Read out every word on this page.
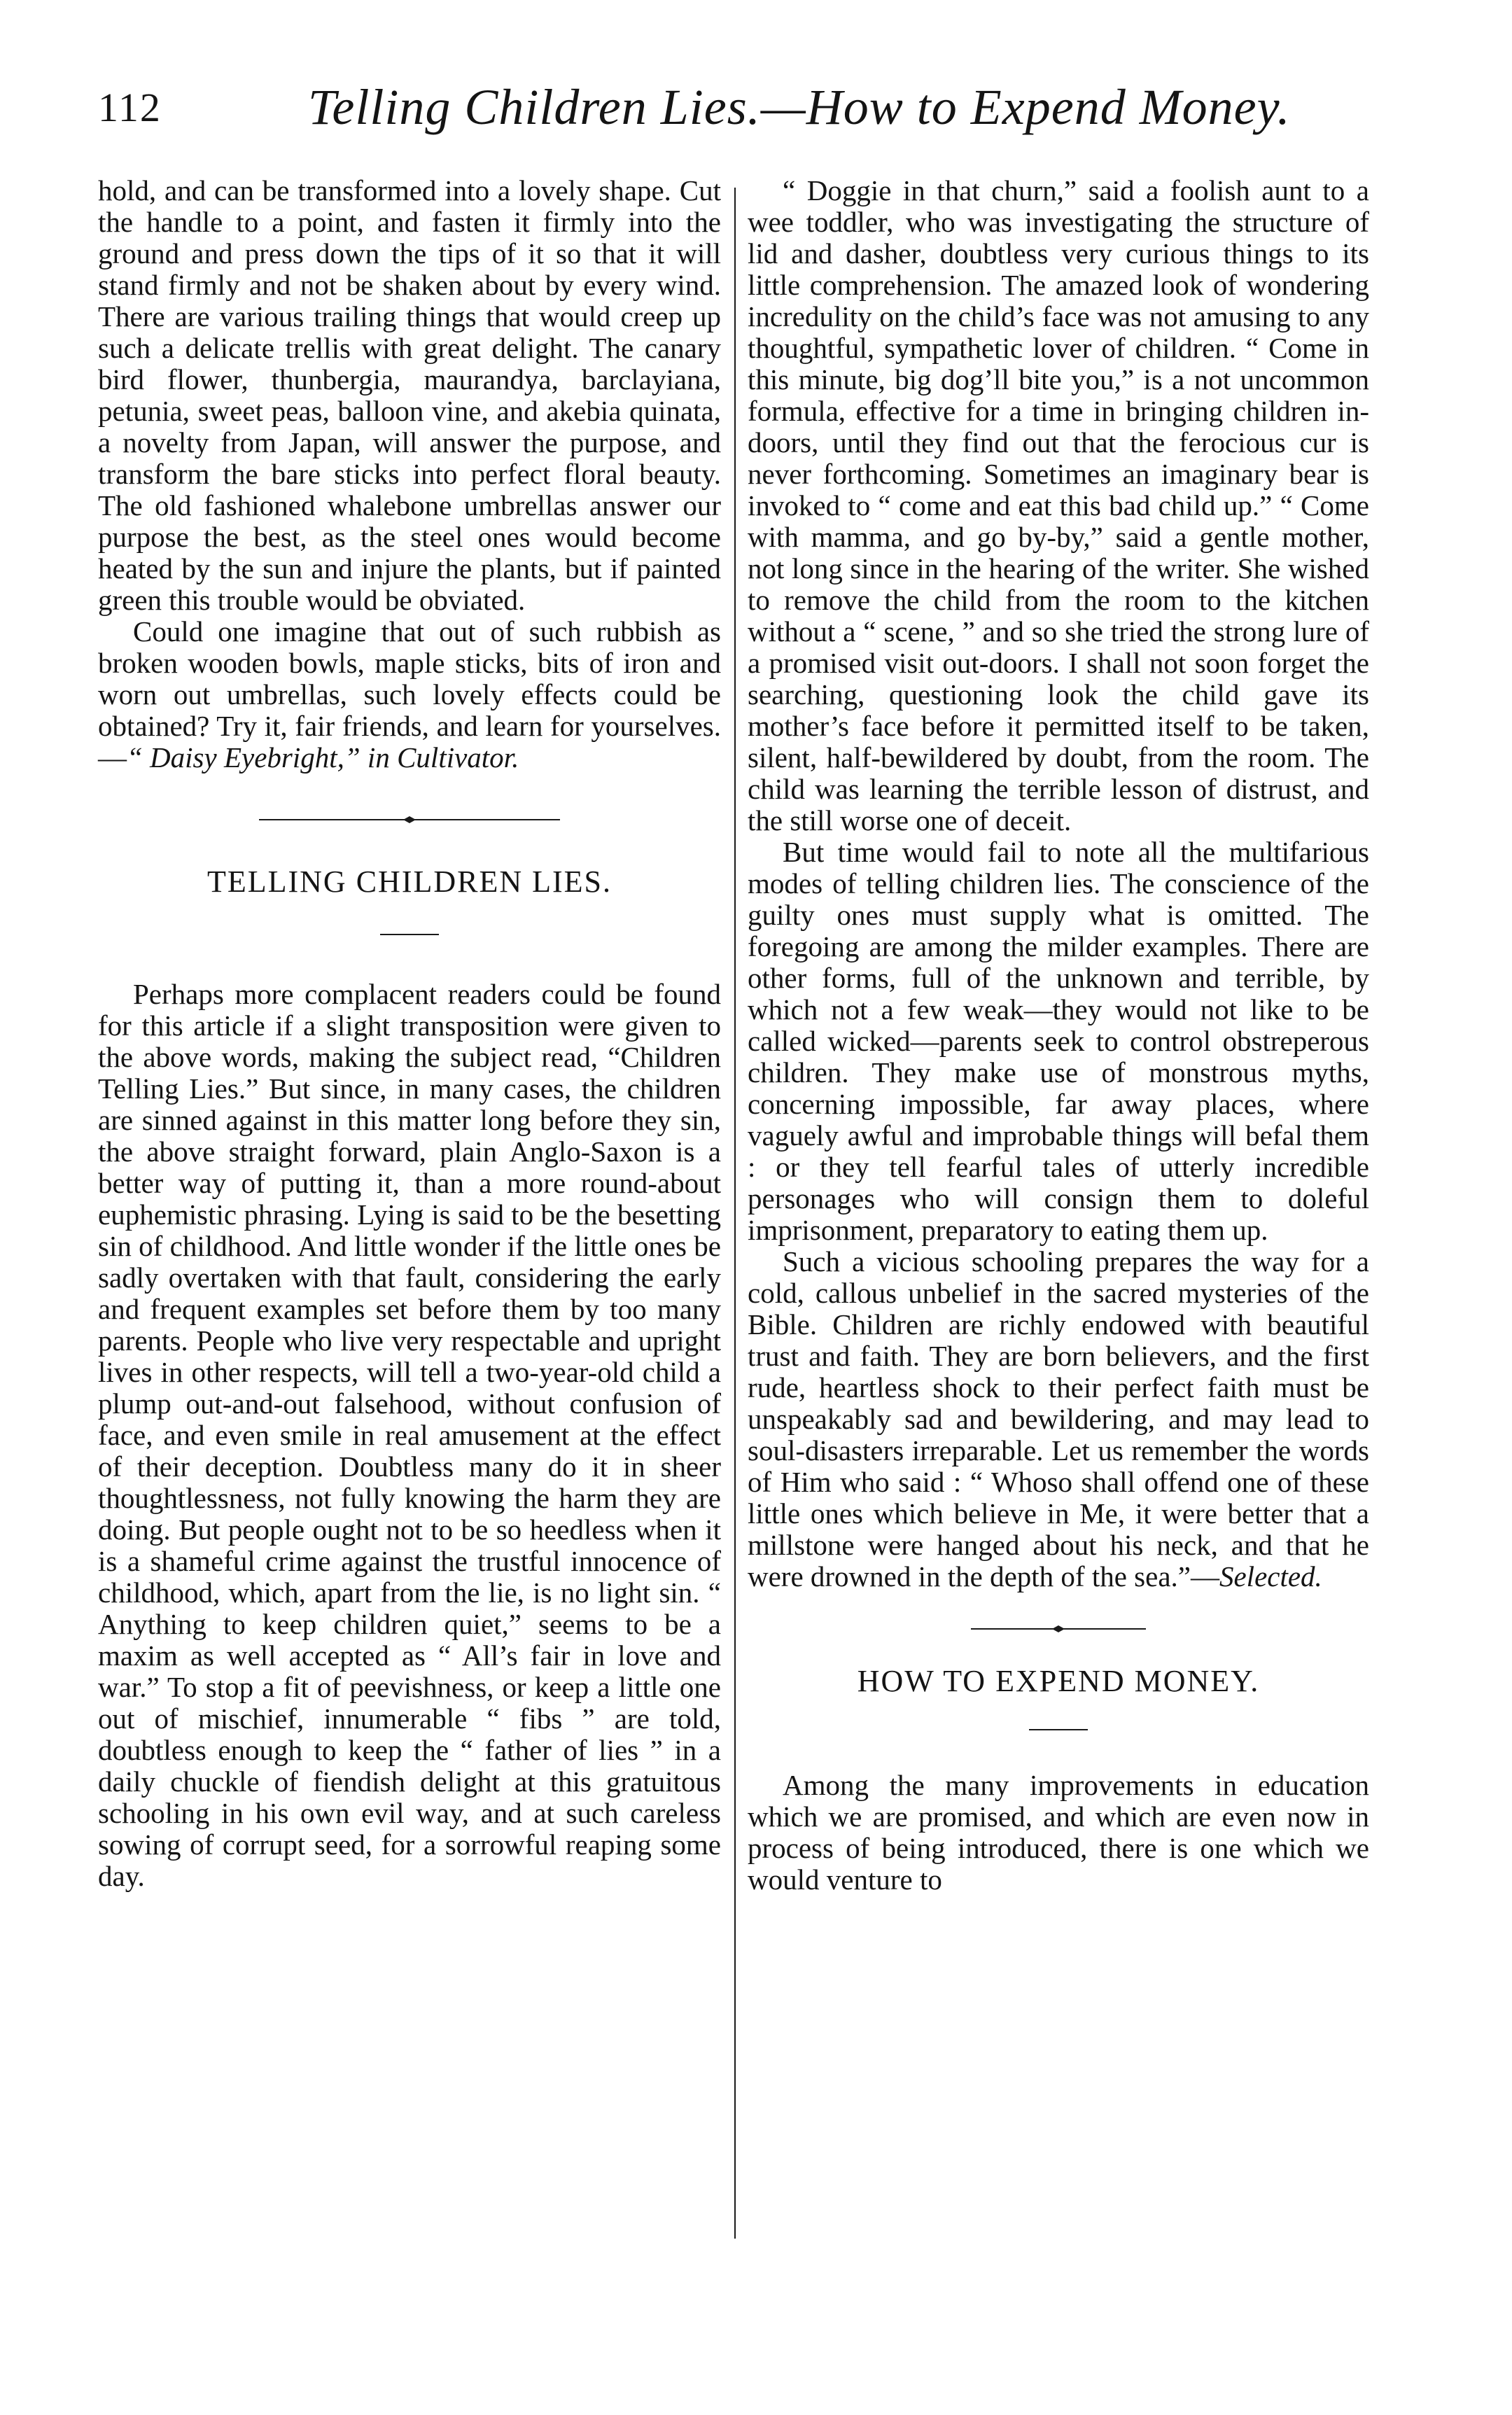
112	Telling Children Lies.—How to Expend Money.

hold, and can be transformed into a lovely shape. Cut the handle to a point, and fasten it firmly into the ground and press down the tips of it so that it will stand firmly and not be shaken about by every wind. There are various trailing things that would creep up such a delicate trellis with great delight. The canary bird flower, thunbergia, maurandya, barclayiana, petunia, sweet peas, balloon vine, and akebia quinata, a novelty from Japan, will answer the purpose, and transform the bare sticks into perfect floral beauty. The old fashioned whalebone umbrellas answer our purpose the best, as the steel ones would become heated by the sun and injure the plants, but if painted green this trouble would be obviated.

Could one imagine that out of such rubbish as broken wooden bowls, maple sticks, bits of iron and worn out umbrellas, such lovely effects could be obtained? Try it, fair friends, and learn for yourselves.—“ Daisy Eyebright,” in Cultivator.

TELLING CHILDREN LIES.

Perhaps more complacent readers could be found for this article if a slight transposition were given to the above words, making the subject read, “Children Telling Lies.” But since, in many cases, the children are sinned against in this matter long before they sin, the above straight forward, plain Anglo-Saxon is a better way of putting it, than a more round-about euphemistic phrasing. Lying is said to be the besetting sin of childhood. And little wonder if the little ones be sadly overtaken with that fault, considering the early and frequent examples set before them by too many parents. People who live very respectable and upright lives in other respects, will tell a two-year-old child a plump out-and-out falsehood, without confusion of face, and even smile in real amusement at the effect of their deception. Doubtless many do it in sheer thoughtlessness, not fully knowing the harm they are doing. But people ought not to be so heedless when it is a shameful crime against the trustful innocence of childhood, which, apart from the lie, is no light sin. “ Anything to keep children quiet,” seems to be a maxim as well accepted as “ All’s fair in love and war.” To stop a fit of peevishness, or keep a little one out of mischief, innumerable “ fibs ” are told, doubtless enough to keep the “ father of lies ” in a daily chuckle of fiendish delight at this gratuitous schooling in his own evil way, and at such careless sowing of corrupt seed, for a sorrowful reaping some day.

“ Doggie in that churn,” said a foolish aunt to a wee toddler, who was investigating the structure of lid and dasher, doubtless very curious things to its little comprehension. The amazed look of wondering incredulity on the child’s face was not amusing to any thoughtful, sympathetic lover of children. “ Come in this minute, big dog’ll bite you,” is a not uncommon formula, effective for a time in bringing children in-doors, until they find out that the ferocious cur is never forthcoming. Sometimes an imaginary bear is invoked to “ come and eat this bad child up.” “ Come with mamma, and go by-by,” said a gentle mother, not long since in the hearing of the writer. She wished to remove the child from the room to the kitchen without a “ scene, ” and so she tried the strong lure of a promised visit out-doors. I shall not soon forget the searching, questioning look the child gave its mother’s face before it permitted itself to be taken, silent, half-bewildered by doubt, from the room. The child was learning the terrible lesson of distrust, and the still worse one of deceit.

But time would fail to note all the multifarious modes of telling children lies. The conscience of the guilty ones must supply what is omitted. The foregoing are among the milder examples. There are other forms, full of the unknown and terrible, by which not a few weak—they would not like to be called wicked—parents seek to control obstreperous children. They make use of monstrous myths, concerning impossible, far away places, where vaguely awful and improbable things will befal them : or they tell fearful tales of utterly incredible personages who will consign them to doleful imprisonment, preparatory to eating them up.

Such a vicious schooling prepares the way for a cold, callous unbelief in the sacred mysteries of the Bible. Children are richly endowed with beautiful trust and faith. They are born believers, and the first rude, heartless shock to their perfect faith must be unspeakably sad and bewildering, and may lead to soul-disasters irreparable. Let us remember the words of Him who said : “ Whoso shall offend one of these little ones which believe in Me, it were better that a millstone were hanged about his neck, and that he were drowned in the depth of the sea.”—Selected.

HOW TO EXPEND MONEY.

Among the many improvements in education which we are promised, and which are even now in process of being introduced, there is one which we would venture to
